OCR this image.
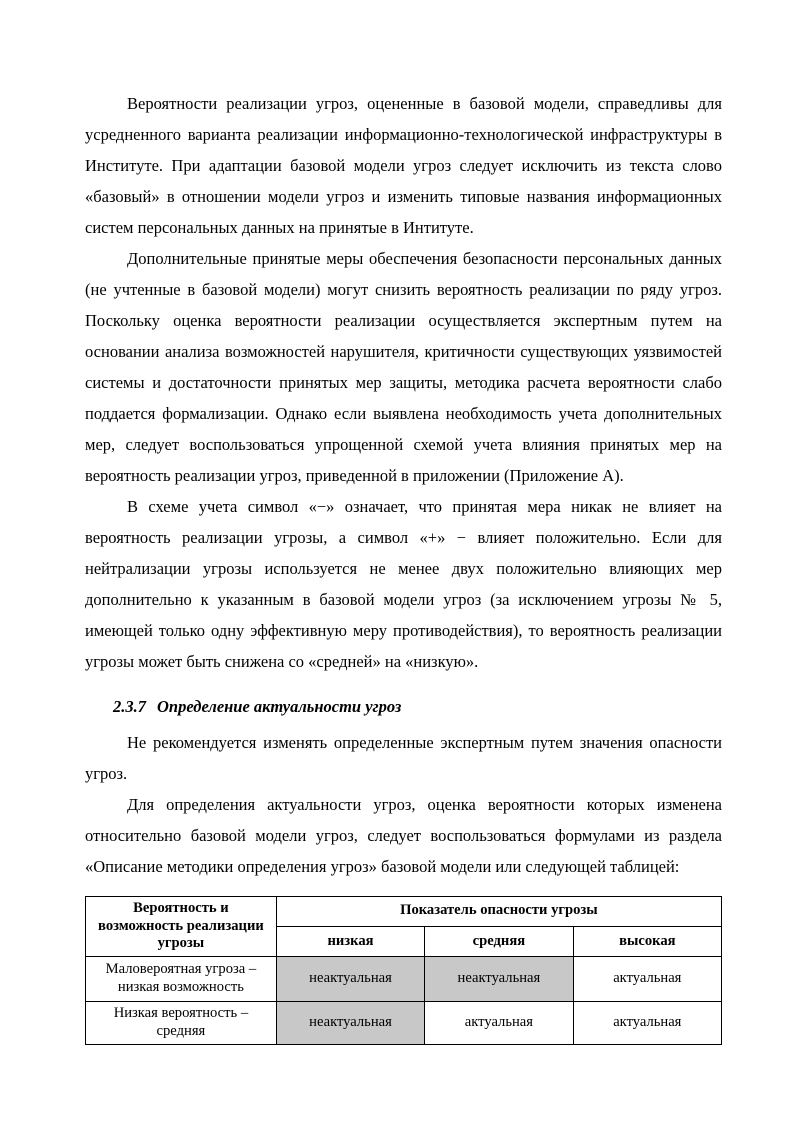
Вероятности реализации угроз, оцененные в базовой модели, справедливы для усредненного варианта реализации информационно-технологической инфраструктуры в Институте. При адаптации базовой модели угроз следует исключить из текста слово «базовый» в отношении модели угроз и изменить типовые названия информационных систем персональных данных на принятые в Интитуте.

Дополнительные принятые меры обеспечения безопасности персональных данных (не учтенные в базовой модели) могут снизить вероятность реализации по ряду угроз. Поскольку оценка вероятности реализации осуществляется экспертным путем на основании анализа возможностей нарушителя, критичности существующих уязвимостей системы и достаточности принятых мер защиты, методика расчета вероятности слабо поддается формализации. Однако если выявлена необходимость учета дополнительных мер, следует воспользоваться упрощенной схемой учета влияния принятых мер на вероятность реализации угроз, приведенной в приложении (Приложение А).

В схеме учета символ «−» означает, что принятая мера никак не влияет на вероятность реализации угрозы, а символ «+» − влияет положительно. Если для нейтрализации угрозы используется не менее двух положительно влияющих мер дополнительно к указанным в базовой модели угроз (за исключением угрозы № 5, имеющей только одну эффективную меру противодействия), то вероятность реализации угрозы может быть снижена со «средней» на «низкую».

2.3.7 Определение актуальности угроз

Не рекомендуется изменять определенные экспертным путем значения опасности угроз.

Для определения актуальности угроз, оценка вероятности которых изменена относительно базовой модели угроз, следует воспользоваться формулами из раздела «Описание методики определения угроз» базовой модели или следующей таблицей:

Вероятность и возможность реализации угрозы	Показатель опасности угрозы		
	низкая	средняя	высокая
Маловероятная угроза – низкая возможность	неактуальная	неактуальная	актуальная
Низкая вероятность – средняя	неактуальная	актуальная	актуальная
